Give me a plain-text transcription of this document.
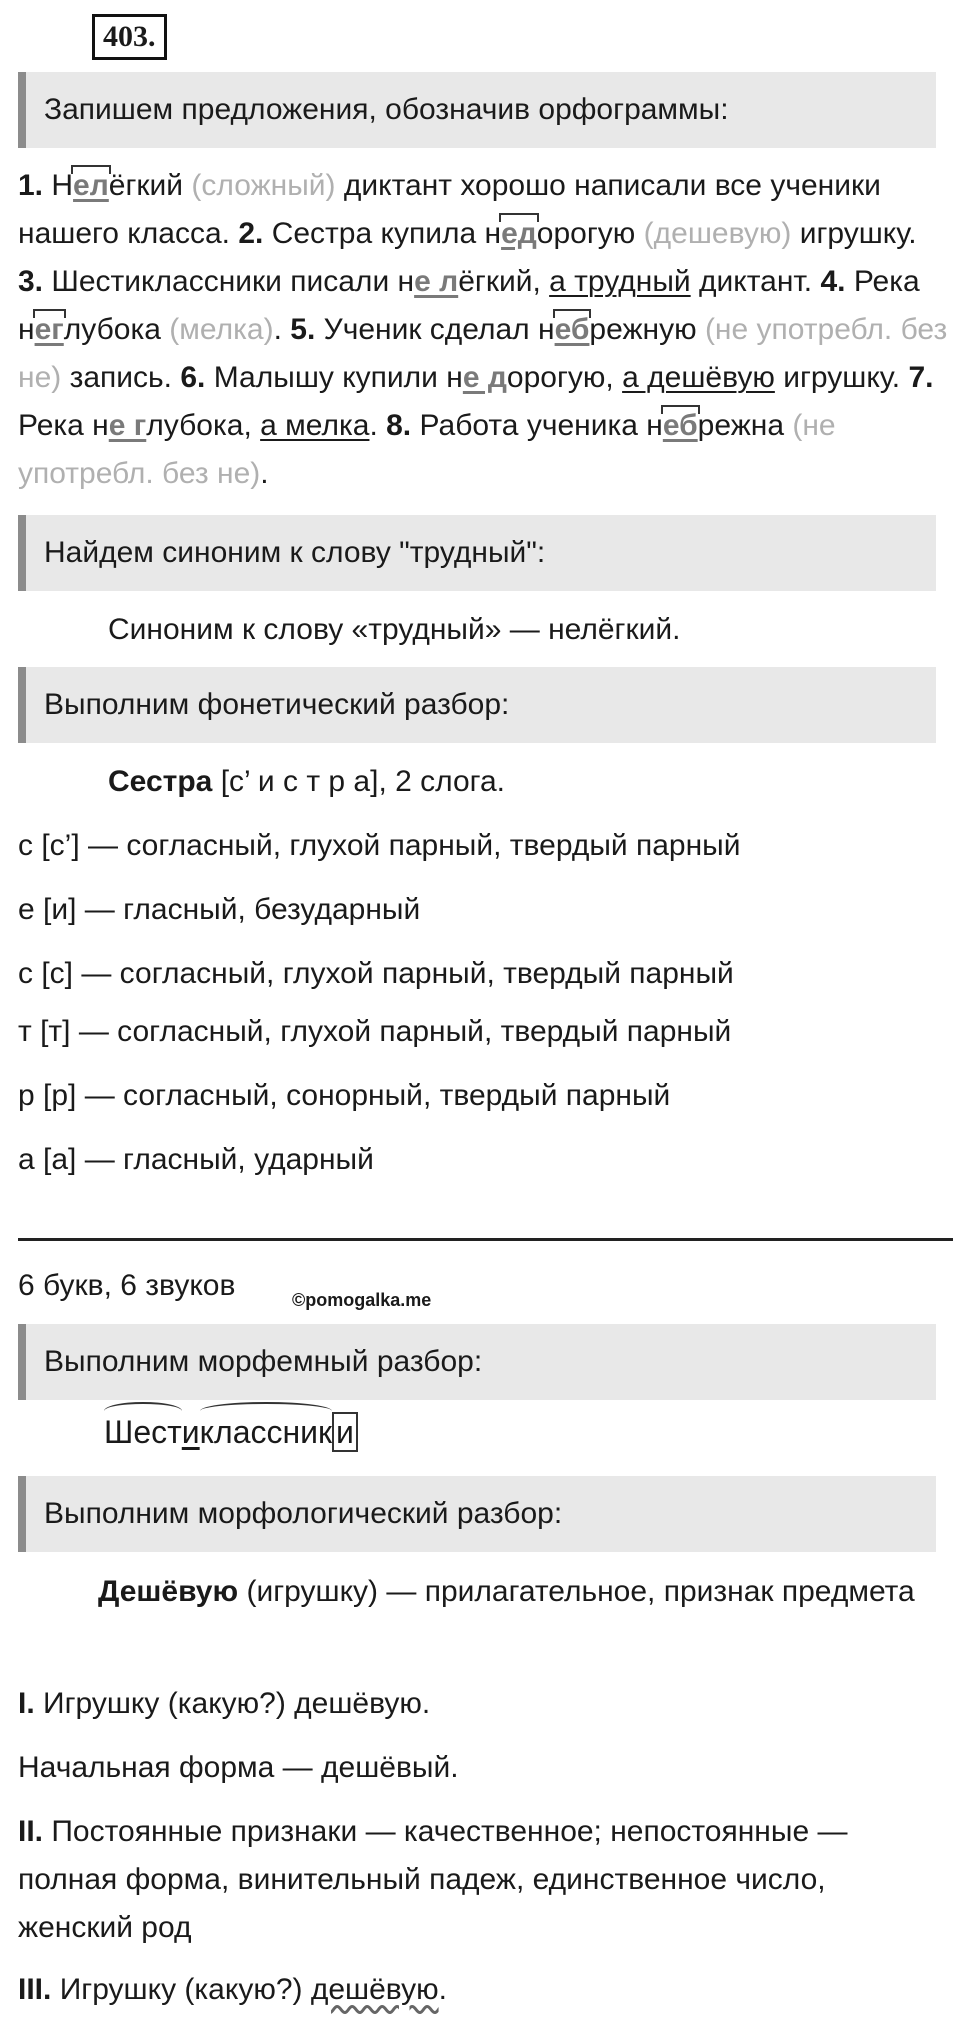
403.
Запишем предложения, обозначив орфограммы:
1. Нелёгкий (сложный) диктант хорошо написали все ученики нашего класса. 2. Сестра купила недорогую (дешевую) игрушку. 3. Шестиклассники писали не лёгкий, а трудный диктант. 4. Река неглубока (мелка). 5. Ученик сделал небрежную (не употребл. без не) запись. 6. Малышу купили не дорогую, а дешёвую игрушку. 7. Река не глубока, а мелка. 8. Работа ученика небрежна (не употребл. без не).
Найдем синоним к слову "трудный":
Синоним к слову «трудный» — нелёгкий.
Выполним фонетический разбор:
Сестра [с’ и с т р а], 2 слога.
с [с’] — согласный, глухой парный, твердый парный
е [и] — гласный, безударный
с [с] — согласный, глухой парный, твердый парный
т [т] — согласный, глухой парный, твердый парный
р [р] — согласный, сонорный, твердый парный
а [а] — гласный, ударный
6 букв, 6 звуков	©pomogalka.me
Выполним морфемный разбор:
Шестиклассник и
Выполним морфологический разбор:
Дешёвую (игрушку) — прилагательное, признак предмета
I. Игрушку (какую?) дешёвую.
Начальная форма — дешёвый.
II. Постоянные признаки — качественное; непостоянные — полная форма, винительный падеж, единственное число, женский род
III. Игрушку (какую?) дешёвую.
